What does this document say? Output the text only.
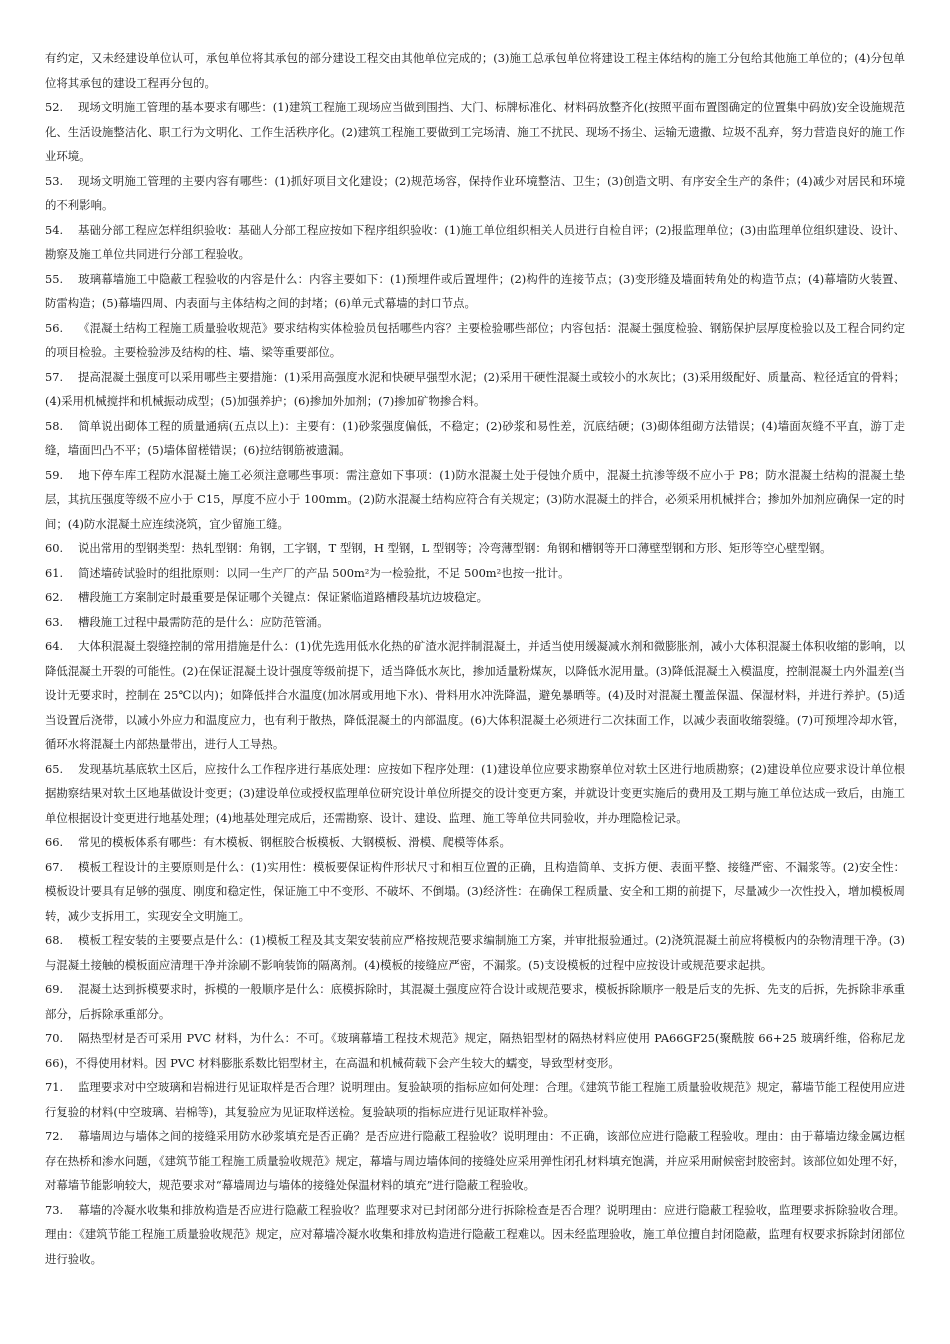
有约定，又未经建设单位认可，承包单位将其承包的部分建设工程交由其他单位完成的；(3)施工总承包单位将建设工程主体结构的施工分包给其他施工单位的；(4)分包单位将其承包的建设工程再分包的。

52. 现场文明施工管理的基本要求有哪些：(1)建筑工程施工现场应当做到围挡、大门、标牌标准化、材料码放整齐化(按照平面布置图确定的位置集中码放)安全设施规范化、生活设施整洁化、职工行为文明化、工作生活秩序化。(2)建筑工程施工要做到工完场清、施工不扰民、现场不扬尘、运输无遗撒、垃圾不乱弃，努力营造良好的施工作业环境。

53. 现场文明施工管理的主要内容有哪些：(1)抓好项目文化建设；(2)规范场容，保持作业环境整洁、卫生；(3)创造文明、有序安全生产的条件；(4)减少对居民和环境的不利影响。

54. 基础分部工程应怎样组织验收：基础人分部工程应按如下程序组织验收：(1)施工单位组织相关人员进行自检自评；(2)报监理单位；(3)由监理单位组织建设、设计、勘察及施工单位共同进行分部工程验收。

55. 玻璃幕墙施工中隐蔽工程验收的内容是什么：内容主要如下：(1)预埋件或后置埋件；(2)构件的连接节点；(3)变形缝及墙面转角处的构造节点；(4)幕墙防火装置、防雷构造；(5)幕墙四周、内表面与主体结构之间的封堵；(6)单元式幕墙的封口节点。

56. 《混凝土结构工程施工质量验收规范》要求结构实体检验员包括哪些内容？主要检验哪些部位；内容包括：混凝土强度检验、钢筋保护层厚度检验以及工程合同约定的项目检验。主要检验涉及结构的柱、墙、梁等重要部位。

57. 提高混凝土强度可以采用哪些主要措施：(1)采用高强度水泥和快硬早强型水泥；(2)采用干硬性混凝土或较小的水灰比；(3)采用级配好、质量高、粒径适宜的骨料；(4)采用机械搅拌和机械振动成型；(5)加强养护；(6)掺加外加剂；(7)掺加矿物掺合料。

58. 简单说出砌体工程的质量通病(五点以上)：主要有：(1)砂浆强度偏低，不稳定；(2)砂浆和易性差，沉底结硬；(3)砌体组砌方法错误；(4)墙面灰缝不平直，游丁走缝，墙面凹凸不平；(5)墙体留槎错误；(6)拉结钢筋被遗漏。

59. 地下停车库工程防水混凝土施工必须注意哪些事项：需注意如下事项：(1)防水混凝土处于侵蚀介质中，混凝土抗渗等级不应小于 P8；防水混凝土结构的混凝土垫层，其抗压强度等级不应小于 C15，厚度不应小于 100mm。(2)防水混凝土结构应符合有关规定；(3)防水混凝土的拌合，必须采用机械拌合；掺加外加剂应确保一定的时间；(4)防水混凝土应连续浇筑，宜少留施工缝。

60. 说出常用的型钢类型：热轧型钢：角钢，工字钢，T 型钢，H 型钢，L 型钢等；冷弯薄型钢：角钢和槽钢等开口薄壁型钢和方形、矩形等空心壁型钢。

61. 简述墙砖试验时的组批原则：以同一生产厂的产品 500m²为一检验批，不足 500m²也按一批计。

62. 槽段施工方案制定时最重要是保证哪个关键点：保证紧临道路槽段基坑边坡稳定。

63. 槽段施工过程中最需防范的是什么：应防范管涌。

64. 大体积混凝土裂缝控制的常用措施是什么：(1)优先选用低水化热的矿渣水泥拌制混凝土，并适当使用缓凝减水剂和微膨胀剂，减小大体积混凝土体积收缩的影响，以降低混凝土开裂的可能性。(2)在保证混凝土设计强度等级前提下，适当降低水灰比，掺加适量粉煤灰，以降低水泥用量。(3)降低混凝土入模温度，控制混凝土内外温差(当设计无要求时，控制在 25℃以内)；如降低拌合水温度(加冰屑或用地下水)、骨料用水冲洗降温，避免暴晒等。(4)及时对混凝土覆盖保温、保湿材料，并进行养护。(5)适当设置后浇带，以减小外应力和温度应力，也有利于散热，降低混凝土的内部温度。(6)大体积混凝土必须进行二次抹面工作，以减少表面收缩裂缝。(7)可预埋冷却水管，循环水将混凝土内部热量带出，进行人工导热。

65. 发现基坑基底软土区后，应按什么工作程序进行基底处理：应按如下程序处理：(1)建设单位应要求勘察单位对软土区进行地质勘察；(2)建设单位应要求设计单位根据勘察结果对软土区地基做设计变更；(3)建设单位或授权监理单位研究设计单位所提交的设计变更方案，并就设计变更实施后的费用及工期与施工单位达成一致后，由施工单位根据设计变更进行地基处理；(4)地基处理完成后，还需勘察、设计、建设、监理、施工等单位共同验收，并办理隐检记录。

66. 常见的模板体系有哪些：有木模板、钢框胶合板模板、大钢模板、滑模、爬模等体系。

67. 模板工程设计的主要原则是什么：(1)实用性：模板要保证构件形状尺寸和相互位置的正确，且构造简单、支拆方便、表面平整、接缝严密、不漏浆等。(2)安全性：模板设计要具有足够的强度、刚度和稳定性，保证施工中不变形、不破坏、不倒塌。(3)经济性：在确保工程质量、安全和工期的前提下，尽量减少一次性投入，增加模板周转，减少支拆用工，实现安全文明施工。

68. 模板工程安装的主要要点是什么：(1)模板工程及其支架安装前应严格按规范要求编制施工方案，并审批报验通过。(2)浇筑混凝土前应将模板内的杂物清理干净。(3)与混凝土接触的模板面应清理干净并涂刷不影响装饰的隔离剂。(4)模板的接缝应严密，不漏浆。(5)支设模板的过程中应按设计或规范要求起拱。

69. 混凝土达到拆模要求时，拆模的一般顺序是什么：底模拆除时，其混凝土强度应符合设计或规范要求，模板拆除顺序一般是后支的先拆、先支的后拆，先拆除非承重部分，后拆除承重部分。

70. 隔热型材是否可采用 PVC 材料，为什么：不可。《玻璃幕墙工程技术规范》规定，隔热铝型材的隔热材料应使用 PA66GF25(聚酰胺 66+25 玻璃纤维，俗称尼龙 66)，不得使用材料。因 PVC 材料膨胀系数比铝型材主，在高温和机械荷载下会产生较大的蠕变，导致型材变形。

71. 监理要求对中空玻璃和岩棉进行见证取样是否合理？说明理由。复验缺项的指标应如何处理：合理。《建筑节能工程施工质量验收规范》规定，幕墙节能工程使用应进行复验的材料(中空玻璃、岩棉等)，其复验应为见证取样送检。复验缺项的指标应进行见证取样补验。

72. 幕墙周边与墙体之间的接缝采用防水砂浆填充是否正确？是否应进行隐蔽工程验收？说明理由：不正确，该部位应进行隐蔽工程验收。理由：由于幕墙边缘金属边框存在热桥和渗水问题，《建筑节能工程施工质量验收规范》规定，幕墙与周边墙体间的接缝处应采用弹性闭孔材料填充饱满，并应采用耐候密封胶密封。该部位如处理不好，对幕墙节能影响较大，规范要求对“幕墙周边与墙体的接缝处保温材料的填充”进行隐蔽工程验收。

73. 幕墙的冷凝水收集和排放构造是否应进行隐蔽工程验收？监理要求对已封闭部分进行拆除检查是否合理？说明理由：应进行隐蔽工程验收，监理要求拆除验收合理。理由：《建筑节能工程施工质量验收规范》规定，应对幕墙冷凝水收集和排放构造进行隐蔽工程难以。因未经监理验收，施工单位擅自封闭隐蔽，监理有权要求拆除封闭部位进行验收。
